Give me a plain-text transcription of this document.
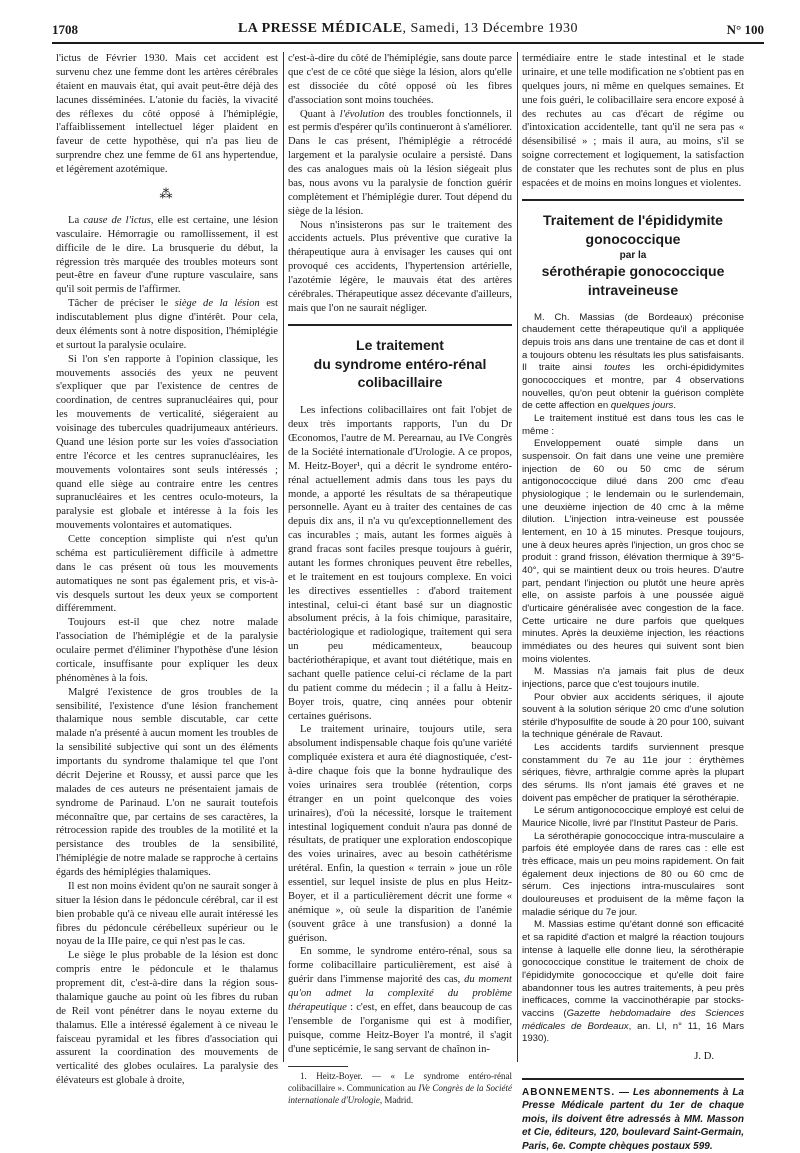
1708	LA PRESSE MÉDICALE, Samedi, 13 Décembre 1930	N° 100

l'ictus de Février 1930. Mais cet accident est survenu chez une femme dont les artères cérébrales étaient en mauvais état, qui avait peut-être déjà des lacunes disséminées. L'atonie du faciès, la vivacité des réflexes du côté opposé à l'hémiplégie, l'affaiblissement intellectuel léger plaident en faveur de cette hypothèse, qui n'a pas lieu de surprendre chez une femme de 61 ans hypertendue, et légèrement azotémique.

⁂

La cause de l'ictus, elle est certaine, une lésion vasculaire. Hémorragie ou ramollissement, il est difficile de le dire. La brusquerie du début, la régression très marquée des troubles moteurs sont peut-être en faveur d'une rupture vasculaire, sans qu'il soit permis de l'affirmer.

Tâcher de préciser le siège de la lésion est indiscutablement plus digne d'intérêt. Pour cela, deux éléments sont à notre disposition, l'hémiplégie et surtout la paralysie oculaire.

Si l'on s'en rapporte à l'opinion classique, les mouvements associés des yeux ne peuvent s'expliquer que par l'existence de centres de coordination, de centres supranucléaires qui, pour les mouvements de verticalité, siégeraient au voisinage des tubercules quadrijumeaux antérieurs. Quand une lésion porte sur les voies d'association entre l'écorce et les centres supranucléaires, les mouvements volontaires sont seuls intéressés ; quand elle siège au contraire entre les centres supranucléaires et les centres oculo-moteurs, la paralysie est globale et intéresse à la fois les mouvements volontaires et automatiques.

Cette conception simpliste qui n'est qu'un schéma est particulièrement difficile à admettre dans le cas présent où tous les mouvements automatiques ne sont pas également pris, et vis-à-vis desquels surtout les deux yeux se comportent différemment.

Toujours est-il que chez notre malade l'association de l'hémiplégie et de la paralysie oculaire permet d'éliminer l'hypothèse d'une lésion corticale, insuffisante pour expliquer les deux phénomènes à la fois.

Malgré l'existence de gros troubles de la sensibilité, l'existence d'une lésion franchement thalamique nous semble discutable, car cette malade n'a présenté à aucun moment les troubles de la sensibilité subjective qui sont un des éléments importants du syndrome thalamique tel que l'ont décrit Dejerine et Roussy, et aussi parce que les malades de ces auteurs ne présentaient jamais de syndrome de Parinaud. L'on ne saurait toutefois méconnaître que, par certains de ses caractères, la rétrocession rapide des troubles de la motilité et la persistance des troubles de la sensibilité, l'hémiplégie de notre malade se rapproche à certains égards des hémiplégies thalamiques.

Il est non moins évident qu'on ne saurait songer à situer la lésion dans le pédoncule cérébral, car il est bien probable qu'à ce niveau elle aurait intéressé les fibres du pédoncule cérébelleux supérieur ou le noyau de la IIIe paire, ce qui n'est pas le cas.

Le siège le plus probable de la lésion est donc compris entre le pédoncule et le thalamus proprement dit, c'est-à-dire dans la région sous-thalamique gauche au point où les fibres du ruban de Reil vont pénétrer dans le noyau externe du thalamus. Elle a intéressé également à ce niveau le faisceau pyramidal et les fibres d'association qui assurent la coordination des mouvements de verticalité des globes oculaires. La paralysie des élévateurs est globale à droite,

c'est-à-dire du côté de l'hémiplégie, sans doute parce que c'est de ce côté que siège la lésion, alors qu'elle est dissociée du côté opposé où les fibres d'association sont moins touchées.

Quant à l'évolution des troubles fonctionnels, il est permis d'espérer qu'ils continueront à s'améliorer. Dans le cas présent, l'hémiplégie a rétrocédé largement et la paralysie oculaire a persisté. Dans des cas analogues mais où la lésion siégeait plus bas, nous avons vu la paralysie de fonction guérir complètement et l'hémiplégie durer. Tout dépend du siège de la lésion.

Nous n'insisterons pas sur le traitement des accidents actuels. Plus préventive que curative la thérapeutique aura à envisager les causes qui ont provoqué ces accidents, l'hypertension artérielle, l'azotémie légère, le mauvais état des artères cérébrales. Thérapeutique assez décevante d'ailleurs, mais que l'on ne saurait négliger.

Le traitement
du syndrome entéro-rénal colibacillaire

Les infections colibacillaires ont fait l'objet de deux très importants rapports, l'un du Dr Œconomos, l'autre de M. Perearnau, au IVe Congrès de la Société internationale d'Urologie. A ce propos, M. Heitz-Boyer¹, qui a décrit le syndrome entéro-rénal actuellement admis dans tous les pays du monde, a apporté les résultats de sa thérapeutique personnelle. Ayant eu à traiter des centaines de cas depuis dix ans, il n'a vu qu'exceptionnellement des cas incurables ; mais, autant les formes aiguës à grand fracas sont faciles presque toujours à guérir, autant les formes chroniques peuvent être rebelles, et le traitement en est toujours complexe. En voici les directives essentielles : d'abord traitement intestinal, celui-ci étant basé sur un diagnostic absolument précis, à la fois chimique, parasitaire, bactériologique et radiologique, traitement qui sera un peu médicamenteux, beaucoup bactériothérapique, et avant tout diététique, mais en sachant quelle patience celui-ci réclame de la part du patient comme du médecin ; il a fallu à Heitz-Boyer trois, quatre, cinq années pour obtenir certaines guérisons.

Le traitement urinaire, toujours utile, sera absolument indispensable chaque fois qu'une variété compliquée existera et aura été diagnostiquée, c'est-à-dire chaque fois que la bonne hydraulique des voies urinaires sera troublée (rétention, corps étranger en un point quelconque des voies urinaires), d'où la nécessité, lorsque le traitement intestinal logiquement conduit n'aura pas donné de résultats, de pratiquer une exploration endoscopique des voies urinaires, avec au besoin cathétérisme urétéral. Enfin, la question « terrain » joue un rôle essentiel, sur lequel insiste de plus en plus Heitz-Boyer, et il a particulièrement décrit une forme « anémique », où seule la disparition de l'anémie (souvent grâce à une transfusion) a donné la guérison.

En somme, le syndrome entéro-rénal, sous sa forme colibacillaire particulièrement, est aisé à guérir dans l'immense majorité des cas, du moment qu'on admet la complexité du problème thérapeutique : c'est, en effet, dans beaucoup de cas l'ensemble de l'organisme qui est à modifier, puisque, comme Heitz-Boyer l'a montré, il s'agit d'une septicémie, le sang servant de chaînon in-

1. Heitz-Boyer. — « Le syndrome entéro-rénal colibacillaire ». Communication au IVe Congrès de la Société internationale d'Urologie, Madrid.

termédiaire entre le stade intestinal et le stade urinaire, et une telle modification ne s'obtient pas en quelques jours, ni même en quelques semaines. Et une fois guéri, le colibacillaire sera encore exposé à des rechutes au cas d'écart de régime ou d'intoxication accidentelle, tant qu'il ne sera pas « désensibilisé » ; mais il aura, au moins, s'il se soigne correctement et logiquement, la satisfaction de constater que les rechutes sont de plus en plus espacées et de moins en moins longues et violentes.

Traitement de l'épididymite gonococcique
par la
sérothérapie gonococcique intraveineuse

M. Ch. Massias (de Bordeaux) préconise chaudement cette thérapeutique qu'il a appliquée depuis trois ans dans une trentaine de cas et dont il a toujours obtenu les résultats les plus satisfaisants. Il traite ainsi toutes les orchi-épididymites gonococciques et montre, par 4 observations nouvelles, qu'on peut obtenir la guérison complète de cette affection en quelques jours.

Le traitement institué est dans tous les cas le même :

Enveloppement ouaté simple dans un suspensoir. On fait dans une veine une première injection de 60 ou 50 cmc de sérum antigonococcique dilué dans 200 cmc d'eau physiologique ; le lendemain ou le surlendemain, une deuxième injection de 40 cmc à la même dilution. L'injection intra-veineuse est poussée lentement, en 10 à 15 minutes. Presque toujours, une à deux heures après l'injection, un gros choc se produit : grand frisson, élévation thermique à 39°5-40°, qui se maintient deux ou trois heures. D'autre part, pendant l'injection ou plutôt une heure après elle, on assiste parfois à une poussée aiguë d'urticaire généralisée avec congestion de la face. Cette urticaire ne dure parfois que quelques minutes. Après la deuxième injection, les réactions immédiates ou des heures qui suivent sont bien moins violentes.

M. Massias n'a jamais fait plus de deux injections, parce que c'est toujours inutile.

Pour obvier aux accidents sériques, il ajoute souvent à la solution sérique 20 cmc d'une solution stérile d'hyposulfite de soude à 20 pour 100, suivant la technique générale de Ravaut.

Les accidents tardifs surviennent presque constamment du 7e au 11e jour : érythèmes sériques, fièvre, arthralgie comme après la plupart des sérums. Ils n'ont jamais été graves et ne doivent pas empêcher de pratiquer la sérothérapie.

Le sérum antigonococcique employé est celui de Maurice Nicolle, livré par l'Institut Pasteur de Paris.

La sérothérapie gonococcique intra-musculaire a parfois été employée dans de rares cas : elle est très efficace, mais un peu moins rapidement. On fait également deux injections de 80 ou 60 cmc de sérum. Ces injections intra-musculaires sont douloureuses et produisent de la même façon la maladie sérique du 7e jour.

M. Massias estime qu'étant donné son efficacité et sa rapidité d'action et malgré la réaction toujours intense à laquelle elle donne lieu, la sérothérapie gonococcique constitue le traitement de choix de l'épididymite gonococcique et qu'elle doit faire abandonner tous les autres traitements, à peu près inefficaces, comme la vaccinothérapie par stocks-vaccins (Gazette hebdomadaire des Sciences médicales de Bordeaux, an. LI, n° 11, 16 Mars 1930).

J. D.
ABONNEMENTS. — Les abonnements à La Presse Médicale partent du 1er de chaque mois, ils doivent être adressés à MM. Masson et Cie, éditeurs, 120, boulevard Saint-Germain, Paris, 6e. Compte chèques postaux 599.
